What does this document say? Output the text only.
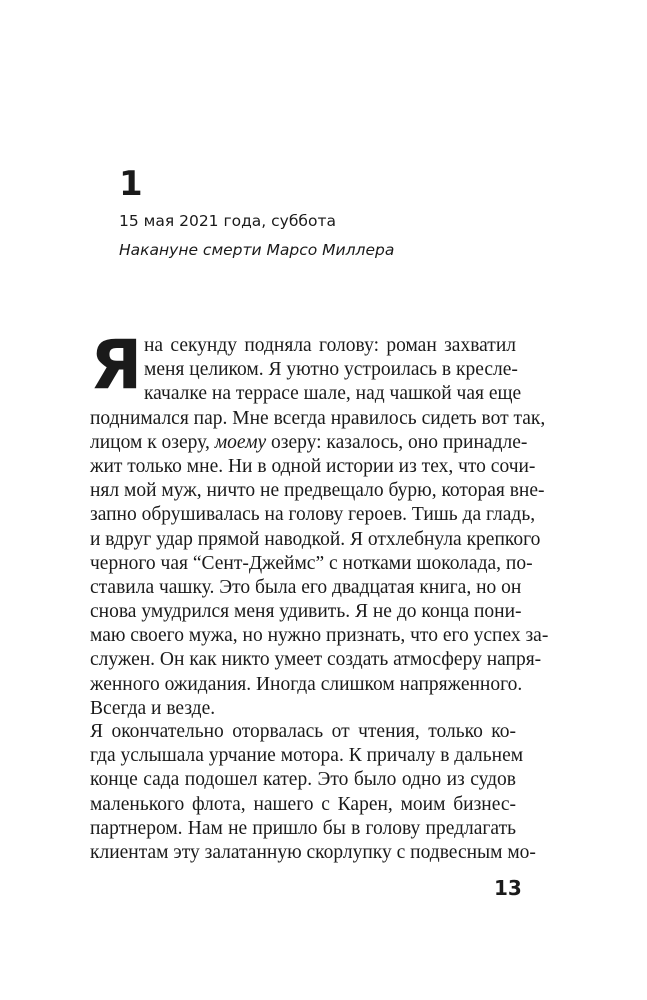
1
15 мая 2021 года, суббота
Накануне смерти Марсо Миллера
Я на секунду подняла голову: роман захватил
меня целиком. Я уютно устроилась в кресле-
качалке на террасе шале, над чашкой чая еще
поднимался пар. Мне всегда нравилось сидеть вот так,
лицом к озеру, моему озеру: казалось, оно принадле-
жит только мне. Ни в одной истории из тех, что сочи-
нял мой муж, ничто не предвещало бурю, которая вне-
запно обрушивалась на голову героев. Тишь да гладь,
и вдруг удар прямой наводкой. Я отхлебнула крепкого
черного чая “Сент-Джеймс” с нотками шоколада, по-
ставила чашку. Это была его двадцатая книга, но он
снова умудрился меня удивить. Я не до конца пони-
маю своего мужа, но нужно признать, что его успех за-
служен. Он как никто умеет создать атмосферу напря-
женного ожидания. Иногда слишком напряженного.
Всегда и везде.
Я окончательно оторвалась от чтения, только ко-
гда услышала урчание мотора. К причалу в дальнем
конце сада подошел катер. Это было одно из судов
маленького флота, нашего с Карен, моим бизнес-
партнером. Нам не пришло бы в голову предлагать
клиентам эту залатанную скорлупку с подвесным мо-
13
